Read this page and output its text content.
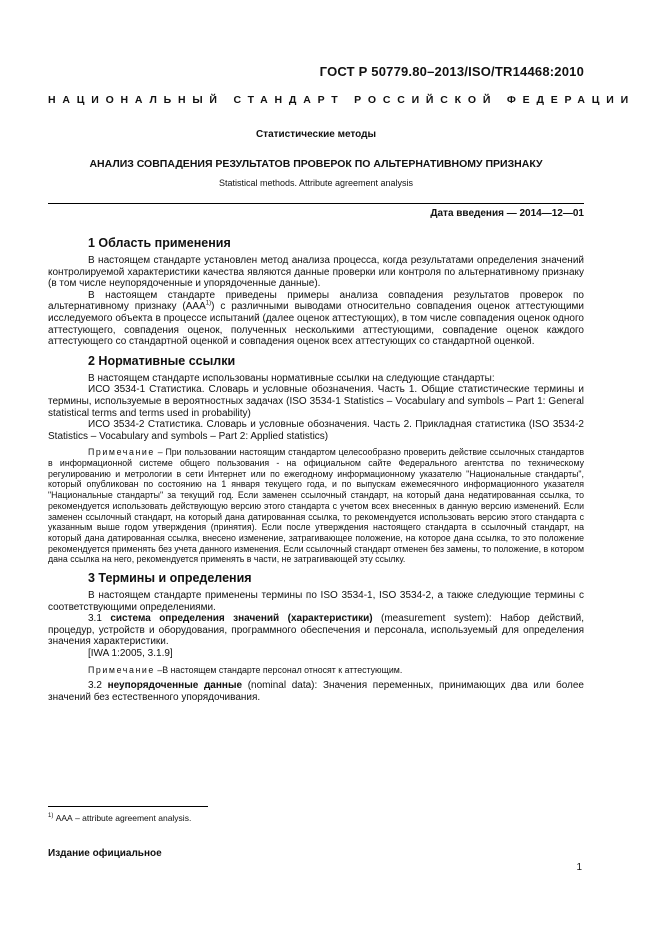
ГОСТ Р 50779.80–2013/ISO/TR14468:2010
НАЦИОНАЛЬНЫЙ СТАНДАРТ РОССИЙСКОЙ ФЕДЕРАЦИИ
Статистические методы
АНАЛИЗ СОВПАДЕНИЯ РЕЗУЛЬТАТОВ ПРОВЕРОК ПО АЛЬТЕРНАТИВНОМУ ПРИЗНАКУ
Statistical methods. Attribute agreement analysis
Дата введения — 2014—12—01
1 Область применения

В настоящем стандарте установлен метод анализа процесса, когда результатами определения значений контролируемой характеристики качества являются данные проверки или контроля по альтернативному признаку (в том числе неупорядоченные и упорядоченные данные).

В настоящем стандарте приведены примеры анализа совпадения результатов проверок по альтернативному признаку (ААА$^{1)}$) с различными выводами относительно совпадения оценок аттестующими исследуемого объекта в процессе испытаний (далее оценок аттестующих), в том числе совпадения оценок одного аттестующего, совпадения оценок, полученных несколькими аттестующими, совпадение оценок каждого аттестующего со стандартной оценкой и совпадения оценок всех аттестующих со стандартной оценкой.

2 Нормативные ссылки

В настоящем стандарте использованы нормативные ссылки на следующие стандарты:

ИСО 3534-1 Статистика. Словарь и условные обозначения. Часть 1. Общие статистические термины и термины, используемые в вероятностных задачах (ISO 3534-1 Statistics – Vocabulary and symbols – Part 1: General statistical terms and terms used in probability)

ИСО 3534-2 Статистика. Словарь и условные обозначения. Часть 2. Прикладная статистика (ISO 3534-2 Statistics – Vocabulary and symbols – Part 2: Applied statistics)

Примечание – При пользовании настоящим стандартом целесообразно проверить действие ссылочных стандартов в информационной системе общего пользования - на официальном сайте Федерального агентства по техническому регулированию и метрологии в сети Интернет или по ежегодному информационному указателю "Национальные стандарты", который опубликован по состоянию на 1 января текущего года, и по выпускам ежемесячного информационного указателя "Национальные стандарты" за текущий год. Если заменен ссылочный стандарт, на который дана недатированная ссылка, то рекомендуется использовать действующую версию этого стандарта с учетом всех внесенных в данную версию изменений. Если заменен ссылочный стандарт, на который дана датированная ссылка, то рекомендуется использовать версию этого стандарта с указанным выше годом утверждения (принятия). Если после утверждения настоящего стандарта в ссылочный стандарт, на который дана датированная ссылка, внесено изменение, затрагивающее положение, на которое дана ссылка, то это положение рекомендуется применять без учета данного изменения. Если ссылочный стандарт отменен без замены, то положение, в котором дана ссылка на него, рекомендуется применять в части, не затрагивающей эту ссылку.

3 Термины и определения

В настоящем стандарте применены термины по ISO 3534-1, ISO 3534-2, а также следующие термины с соответствующими определениями.

3.1 система определения значений (характеристики) (measurement system): Набор действий, процедур, устройств и оборудования, программного обеспечения и персонала, используемый для определения значения характеристики.

[IWA 1:2005, 3.1.9]

Примечание –В настоящем стандарте персонал относят к аттестующим.

3.2 неупорядоченные данные (nominal data): Значения переменных, принимающих два или более значений без естественного упорядочивания.

$^{1)}$ ААА – attribute agreement analysis.
Издание официальное
1
